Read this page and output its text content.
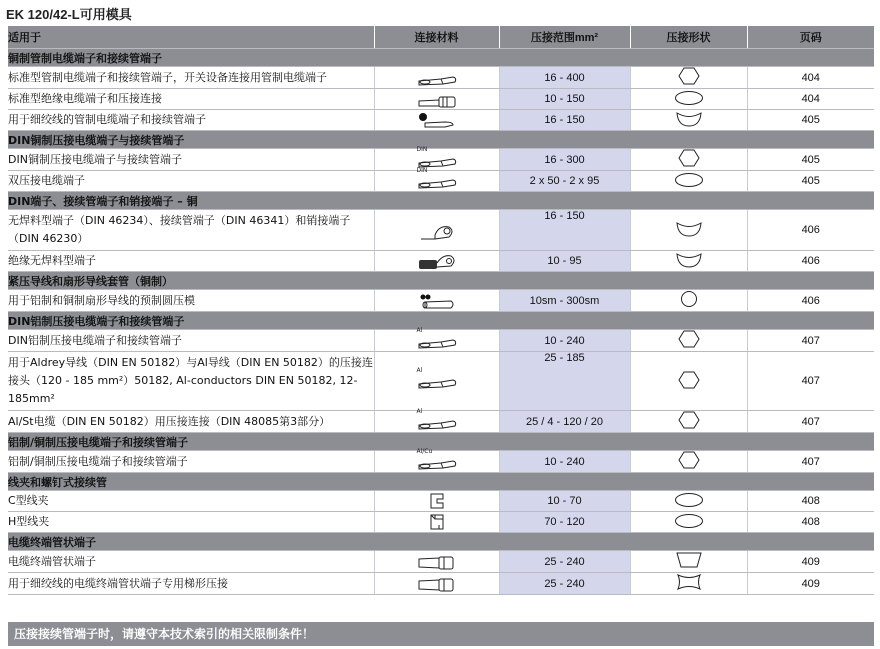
EK 120/42-L可用模具
适用于	连接材料	压接范围mm²	压接形状	页码
铜制管制电缆端子和接续管端子				
标准型管制电缆端子和接续管端子，开关设备连接用管制电缆端子		16 - 400		404
标准型绝缘电缆端子和压接连接		10 - 150		404
用于细绞线的管制电缆端子和接续管端子		16 - 150		405
DIN铜制压接电缆端子与接续管端子				
DIN铜制压接电缆端子与接续管端子	DIN	16 - 300		405
双压接电缆端子	DIN	2 x 50 - 2 x 95		405
DIN端子、接续管端子和销接端子 – 铜				
无焊料型端子（DIN 46234）、接续管端子（DIN 46341）和销接端子（DIN 46230）		16 - 150		406
绝缘无焊料型端子		10 - 95		406
紧压导线和扇形导线套管（铜制）				
用于铝制和铜制扇形导线的预制圆压模		10sm - 300sm		406
DIN铝制压接电缆端子和接续管端子				
DIN铝制压接电缆端子和接续管端子	Al	10 - 240		407
用于Aldrey导线（DIN EN 50182）与Al导线（DIN EN 50182）的压接连接头（120 - 185 mm²）50182, Al-conductors DIN EN 50182, 12-185mm²	Al	25 - 185		407
Al/St电缆（DIN EN 50182）用压接连接（DIN 48085第3部分）	Al	25 / 4 - 120 / 20		407
铝制/铜制压接电缆端子和接续管端子				
铝制/铜制压接电缆端子和接续管端子	Al/Cu	10 - 240		407
线夹和螺钉式接续管				
C型线夹		10 - 70		408
H型线夹		70 - 120		408
电缆终端管状端子				
电缆终端管状端子		25 - 240		409
用于细绞线的电缆终端管状端子专用梯形压接		25 - 240		409
压接接续管端子时，请遵守本技术索引的相关限制条件！
